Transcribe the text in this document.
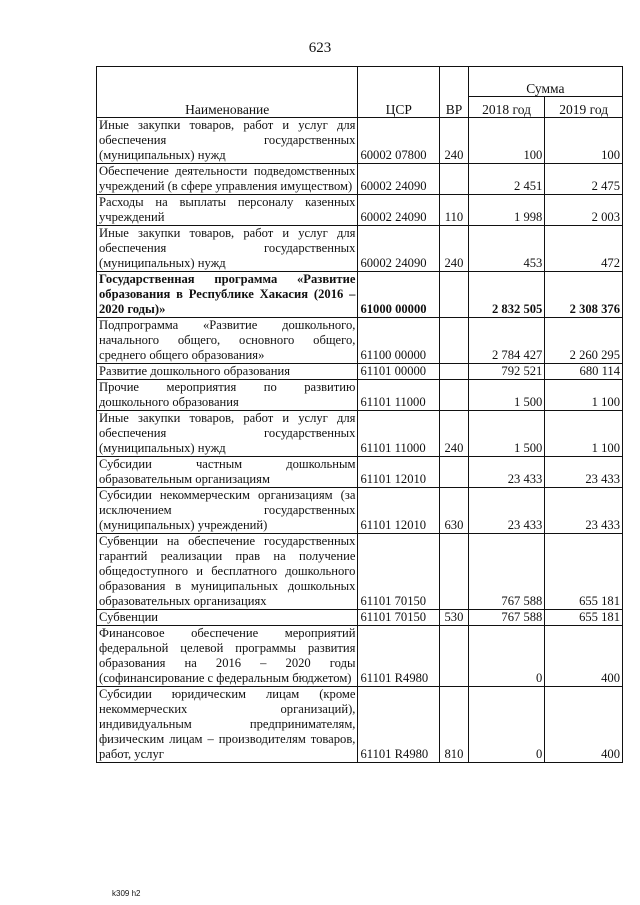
623
Наименование	ЦСР	ВР	Сумма	
			2018 год	2019 год
Иные закупки товаров, работ и услуг для обеспечения государственных (муниципальных) нужд	60002 07800	240	100	100
Обеспечение деятельности подведомственных учреждений (в сфере управления имуществом)	60002 24090		2 451	2 475
Расходы на выплаты персоналу казенных учреждений	60002 24090	110	1 998	2 003
Иные закупки товаров, работ и услуг для обеспечения государственных (муниципальных) нужд	60002 24090	240	453	472
Государственная программа «Развитие образования в Республике Хакасия (2016 – 2020 годы)»	61000 00000		2 832 505	2 308 376
Подпрограмма «Развитие дошкольного, начального общего, основного общего, среднего общего образования»	61100 00000		2 784 427	2 260 295
Развитие дошкольного образования	61101 00000		792 521	680 114
Прочие мероприятия по развитию дошкольного образования	61101 11000		1 500	1 100
Иные закупки товаров, работ и услуг для обеспечения государственных (муниципальных) нужд	61101 11000	240	1 500	1 100
Субсидии частным дошкольным образовательным организациям	61101 12010		23 433	23 433
Субсидии некоммерческим организациям (за исключением государственных (муниципальных) учреждений)	61101 12010	630	23 433	23 433
Субвенции на обеспечение государственных гарантий реализации прав на получение общедоступного и бесплатного дошкольного образования в муниципальных дошкольных образовательных организациях	61101 70150		767 588	655 181
Субвенции	61101 70150	530	767 588	655 181
Финансовое обеспечение мероприятий федеральной целевой программы развития образования на 2016 – 2020 годы (софинансирование с федеральным бюджетом)	61101 R4980		0	400
Субсидии юридическим лицам (кроме некоммерческих организаций), индивидуальным предпринимателям, физическим лицам – производителям товаров, работ, услуг	61101 R4980	810	0	400
k309 h2
